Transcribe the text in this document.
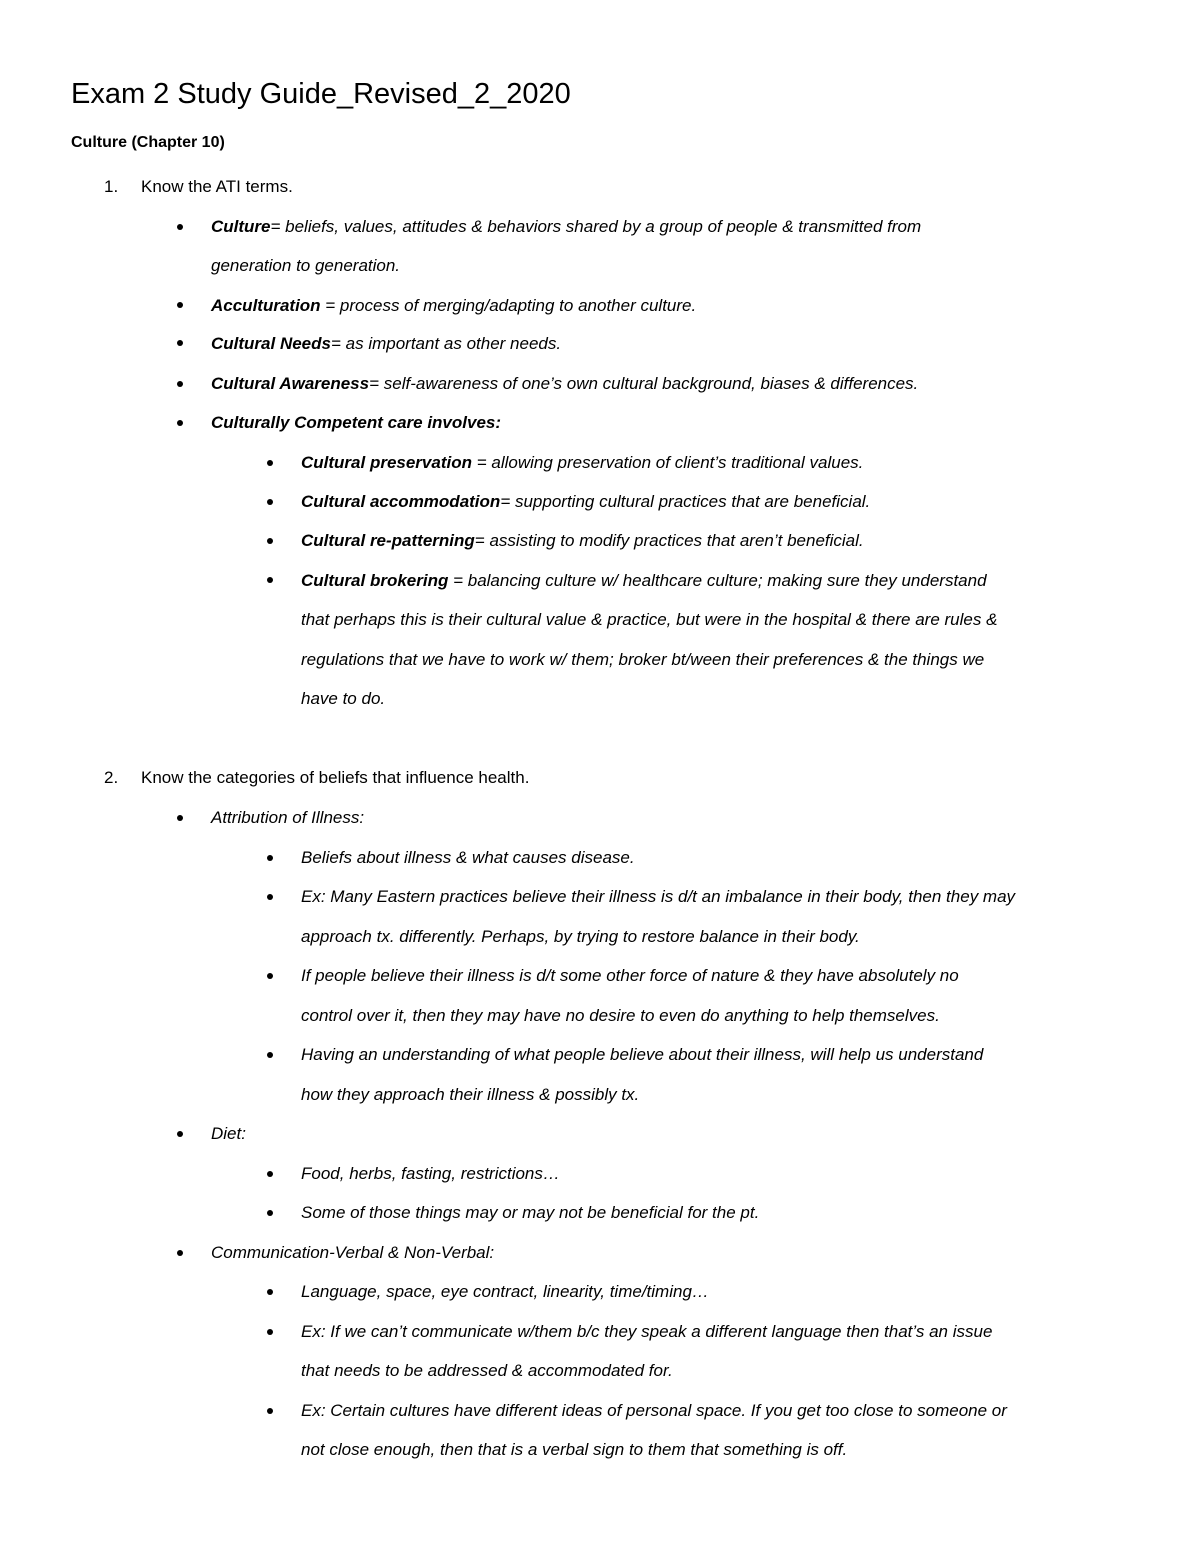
Exam 2 Study Guide_Revised_2_2020
Culture (Chapter 10)
1. Know the ATI terms.
Culture= beliefs, values, attitudes & behaviors shared by a group of people & transmitted from
generation to generation.
Acculturation = process of merging/adapting to another culture.
Cultural Needs= as important as other needs.
Cultural Awareness= self-awareness of one’s own cultural background, biases & differences.
Culturally Competent care involves:
Cultural preservation = allowing preservation of client’s traditional values.
Cultural accommodation= supporting cultural practices that are beneficial.
Cultural re-patterning= assisting to modify practices that aren’t beneficial.
Cultural brokering = balancing culture w/ healthcare culture; making sure they understand
that perhaps this is their cultural value & practice, but were in the hospital & there are rules &
regulations that we have to work w/ them; broker bt/ween their preferences & the things we
have to do.
2. Know the categories of beliefs that influence health.
Attribution of Illness:
Beliefs about illness & what causes disease.
Ex: Many Eastern practices believe their illness is d/t an imbalance in their body, then they may
approach tx. differently. Perhaps, by trying to restore balance in their body.
If people believe their illness is d/t some other force of nature & they have absolutely no
control over it, then they may have no desire to even do anything to help themselves.
Having an understanding of what people believe about their illness, will help us understand
how they approach their illness & possibly tx.
Diet:
Food, herbs, fasting, restrictions…
Some of those things may or may not be beneficial for the pt.
Communication-Verbal & Non-Verbal:
Language, space, eye contract, linearity, time/timing…
Ex: If we can’t communicate w/them b/c they speak a different language then that’s an issue
that needs to be addressed & accommodated for.
Ex: Certain cultures have different ideas of personal space. If you get too close to someone or
not close enough, then that is a verbal sign to them that something is off.
